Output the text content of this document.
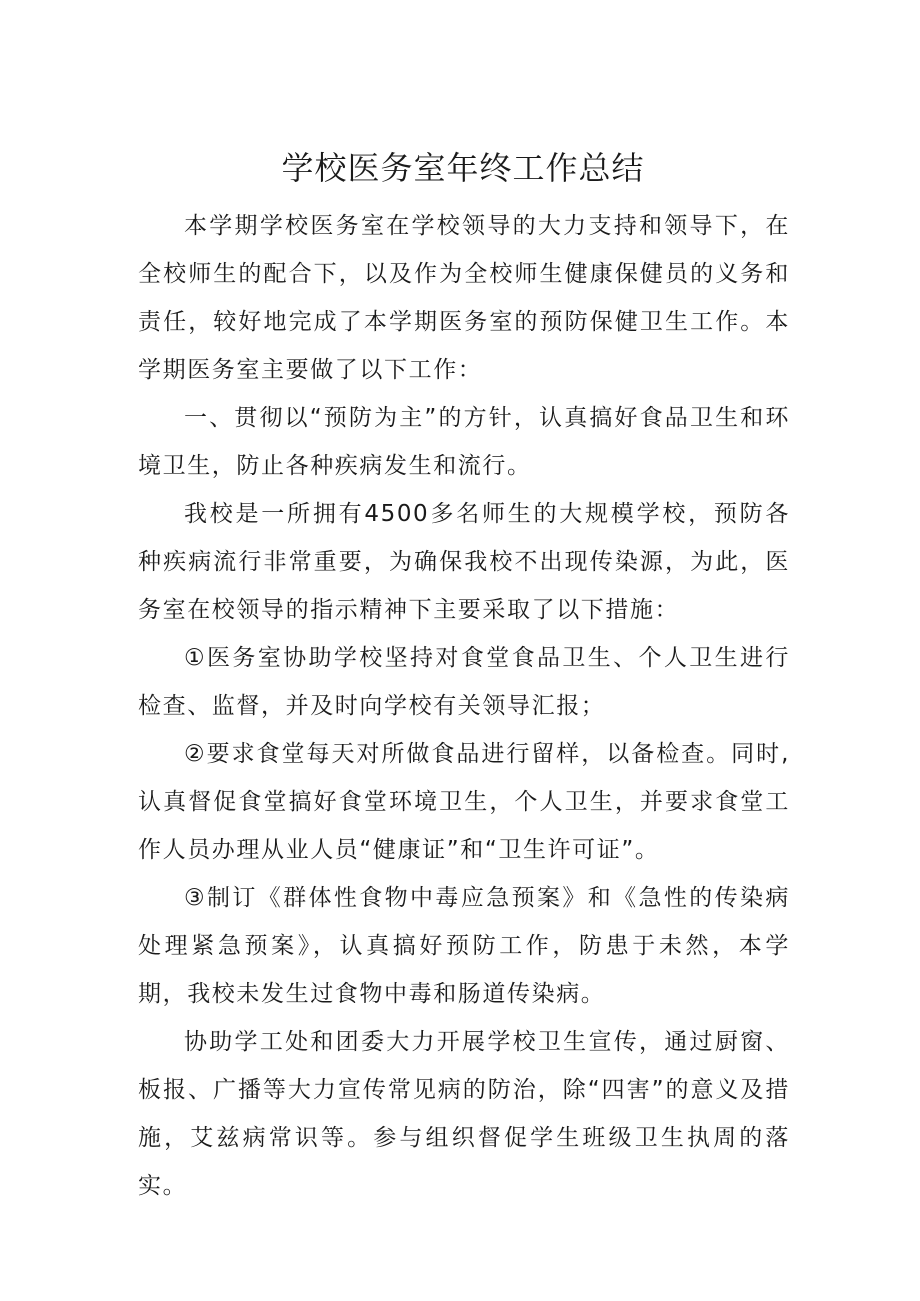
学校医务室年终工作总结

本学期学校医务室在学校领导的大力支持和领导下，在全校师生的配合下，以及作为全校师生健康保健员的义务和责任，较好地完成了本学期医务室的预防保健卫生工作。本学期医务室主要做了以下工作：

一、贯彻以“预防为主”的方针，认真搞好食品卫生和环境卫生，防止各种疾病发生和流行。

我校是一所拥有4500多名师生的大规模学校，预防各种疾病流行非常重要，为确保我校不出现传染源，为此，医务室在校领导的指示精神下主要采取了以下措施：

①医务室协助学校坚持对食堂食品卫生、个人卫生进行检查、监督，并及时向学校有关领导汇报；

②要求食堂每天对所做食品进行留样，以备检查。同时,认真督促食堂搞好食堂环境卫生，个人卫生，并要求食堂工作人员办理从业人员“健康证”和“卫生许可证”。

③制订《群体性食物中毒应急预案》和《急性的传染病处理紧急预案》，认真搞好预防工作，防患于未然，本学期，我校未发生过食物中毒和肠道传染病。

协助学工处和团委大力开展学校卫生宣传，通过厨窗、板报、广播等大力宣传常见病的防治，除“四害”的意义及措施，艾兹病常识等。参与组织督促学生班级卫生执周的落实。
